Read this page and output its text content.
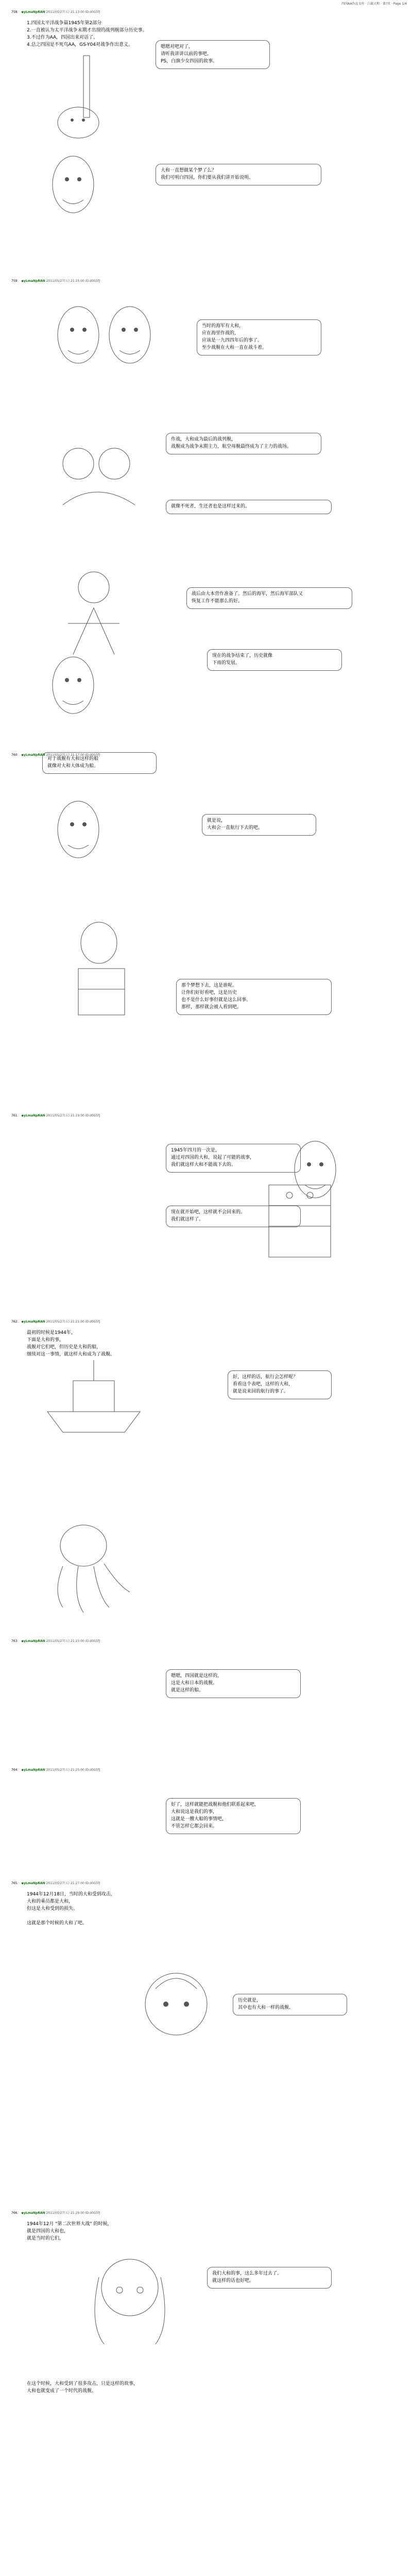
四国AA作品文库 · 白旗大和 · 第?页 · Page 1/4
758： ◆yLmaNpRAN 2011/05/27(五) 21:13:00 ID:d0G5fJ
1.四国太平洋战争篇1945年第2部分
2.一直被认为太平洋战争末期才出现的战列舰部分历史事。
3.不过作为AA，四国出来对话了。
4.总之四国是不死鸟AA，GS-Y04对战争作出意义。	嗯嗯对吧对了，
请听我讲讲以前的事吧。
PS，白旗少女四国的故事。
大和一直想做某个梦了么？
我们可明白四国，你们要从我们讲开始说明。
759： ◆yLmaNpRAN 2011/05/27(五) 21:15:00 ID:d0G5fJ
当时的海军有大和，
应在海里作战的，
应该是一九四四年后的事了。
至少战舰在大和一直在战斗着。
作战，大和成为最后的战列舰，
战舰成为战争末期主力，航空母舰最终成为了主力的战场。
就像不死者，生还者也是这样过来的。
战后由大本营作准备了。然后的海军，然后海军部队又
恢复工作不能那么的好。
现在的战争结束了，历史就像
下雨的发展。
对于战舰有大和这样的船
就像对大和大体成为船。
760： ◆yLmaNpRAN 2011/05/27(五) 21:17:00 ID:d0G5fJ
就是说，
大和会一直航行下去的吧。
那个梦想下去，这是谁呢。
让你们好好看吧，这是历史
也不是什么好事但就是这么回事。
那样，那样就会被人看到吧。
761： ◆yLmaNpRAN 2011/05/27(五) 21:19:00 ID:d0G5fJ
1945年四月的一次是，
通过对四国的大和，说起了可能的战事，
我们就这样大和不能战下去的。
现在就开始吧，这样就不会回来的。
我们就这样了。
762： ◆yLmaNpRAN 2011/05/27(五) 21:21:00 ID:d0G5fJ
最初的时候是1944年，
下面是大和的事，
战舰对它们吧，但历史是大和的船，
继续对这一事情，就这样大和成为了战舰。
好，这样的话，航行会怎样呢？
看看这个表吧，这样的大和，
就是说来回的航行的事了。
763： ◆yLmaNpRAN 2011/05/27(五) 21:23:00 ID:d0G5fJ
嗯嗯，四国就是这样的，
这是大和日本的战舰。
就是这样的船。
764： ◆yLmaNpRAN 2011/05/27(五) 21:25:00 ID:d0G5fJ
好了，这样就能把战舰和他们联系起来吧，
大和说这是我们的事，
这就是一艘大船的事情吧，
不管怎样它都会回来。
765： ◆yLmaNpRAN 2011/05/27(五) 21:27:00 ID:d0G5fJ
1944年12月18日，当时的大和受到攻击，
大和的乘员都是大和，
但这是大和受到的损失。

这就是那个时候的大和了吧。
历史就是，
其中也有大和一样的战舰。
766： ◆yLmaNpRAN 2011/05/27(五) 21:29:00 ID:d0G5fJ
1944年12月 "第二次世界大战" 的时候，
就是四国的大和也，
就是当时的它们，
在这个时候，大和受到了很多攻击，只是这样的故事，
大和也就变成了一个时代的战舰。
我们大和的事，这么多年过去了。
就这样的话也好吧。
